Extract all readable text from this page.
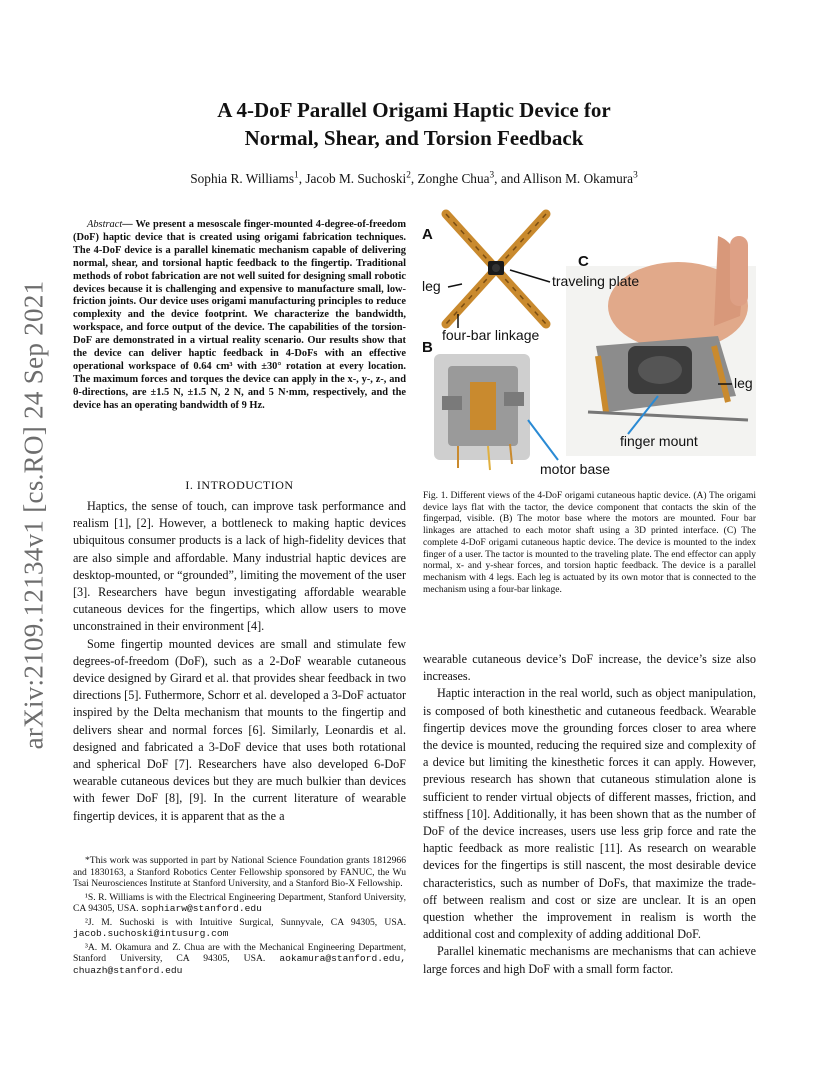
arXiv:2109.12134v1 [cs.RO] 24 Sep 2021
A 4-DoF Parallel Origami Haptic Device for
Normal, Shear, and Torsion Feedback
Sophia R. Williams$^1$, Jacob M. Suchoski$^2$, Zonghe Chua$^3$, and Allison M. Okamura$^3$
Abstract— We present a mesoscale finger-mounted 4-degree-of-freedom (DoF) haptic device that is created using origami fabrication techniques. The 4-DoF device is a parallel kinematic mechanism capable of delivering normal, shear, and torsional haptic feedback to the fingertip. Traditional methods of robot fabrication are not well suited for designing small robotic devices because it is challenging and expensive to manufacture small, low-friction joints. Our device uses origami manufacturing principles to reduce complexity and the device footprint. We characterize the bandwidth, workspace, and force output of the device. The capabilities of the torsion-DoF are demonstrated in a virtual reality scenario. Our results show that the device can deliver haptic feedback in 4-DoFs with an effective operational workspace of 0.64 cm³ with ±30° rotation at every location. The maximum forces and torques the device can apply in the x-, y-, z-, and θ-directions, are ±1.5 N, ±1.5 N, 2 N, and 5 N·mm, respectively, and the device has an operating bandwidth of 9 Hz.
I. INTRODUCTION

Haptics, the sense of touch, can improve task performance and realism [1], [2]. However, a bottleneck to making haptic devices ubiquitous consumer products is a lack of high-fidelity devices that are also simple and affordable. Many industrial haptic devices are desktop-mounted, or “grounded”, limiting the movement of the user [3]. Researchers have begun investigating affordable wearable cutaneous devices for the fingertips, which allow users to move unconstrained in their environment [4].

Some fingertip mounted devices are small and stimulate few degrees-of-freedom (DoF), such as a 2-DoF wearable cutaneous device designed by Girard et al. that provides shear feedback in two directions [5]. Futhermore, Schorr et al. developed a 3-DoF actuator inspired by the Delta mechanism that mounts to the fingertip and delivers shear and normal forces [6]. Similarly, Leonardis et al. designed and fabricated a 3-DoF device that uses both rotational and spherical DoF [7]. Researchers have also developed 6-DoF wearable cutaneous devices but they are much bulkier than devices with fewer DoF [8], [9]. In the current literature of wearable fingertip devices, it is apparent that as the a

*This work was supported in part by National Science Foundation grants 1812966 and 1830163, a Stanford Robotics Center Fellowship sponsored by FANUC, the Wu Tsai Neurosciences Institute at Stanford University, and a Stanford Bio-X Fellowship.

¹S. R. Williams is with the Electrical Engineering Department, Stanford University, CA 94305, USA. sophiarw@stanford.edu

²J. M. Suchoski is with Intuitive Surgical, Sunnyvale, CA 94305, USA. jacob.suchoski@intusurg.com

³A. M. Okamura and Z. Chua are with the Mechanical Engineering Department, Stanford University, CA 94305, USA. aokamura@stanford.edu, chuazh@stanford.edu

A
B
C
leg
four-bar linkage
traveling plate
leg
finger mount
motor base
Fig. 1. Different views of the 4-DoF origami cutaneous haptic device. (A) The origami device lays flat with the tactor, the device component that contacts the skin of the fingerpad, visible. (B) The motor base where the motors are mounted. Four bar linkages are attached to each motor shaft using a 3D printed interface. (C) The complete 4-DoF origami cutaneous haptic device. The device is mounted to the index finger of a user. The tactor is mounted to the traveling plate. The end effector can apply normal, x- and y-shear forces, and torsion haptic feedback. The device is a parallel mechanism with 4 legs. Each leg is actuated by its own motor that is connected to the mechanism using a four-bar linkage.

wearable cutaneous device’s DoF increase, the device’s size also increases.

Haptic interaction in the real world, such as object manipulation, is composed of both kinesthetic and cutaneous feedback. Wearable fingertip devices move the grounding forces closer to area where the device is mounted, reducing the required size and complexity of a device but limiting the kinesthetic forces it can apply. However, previous research has shown that cutaneous stimulation alone is sufficient to render virtual objects of different masses, friction, and stiffness [10]. Additionally, it has been shown that as the number of DoF of the device increases, users use less grip force and rate the haptic feedback as more realistic [11]. As research on wearable devices for the fingertips is still nascent, the most desirable device characteristics, such as number of DoFs, that maximize the trade-off between realism and cost or size are unclear. It is an open question whether the improvement in realism is worth the additional cost and complexity of adding additional DoF.

Parallel kinematic mechanisms are mechanisms that can achieve large forces and high DoF with a small form factor.
